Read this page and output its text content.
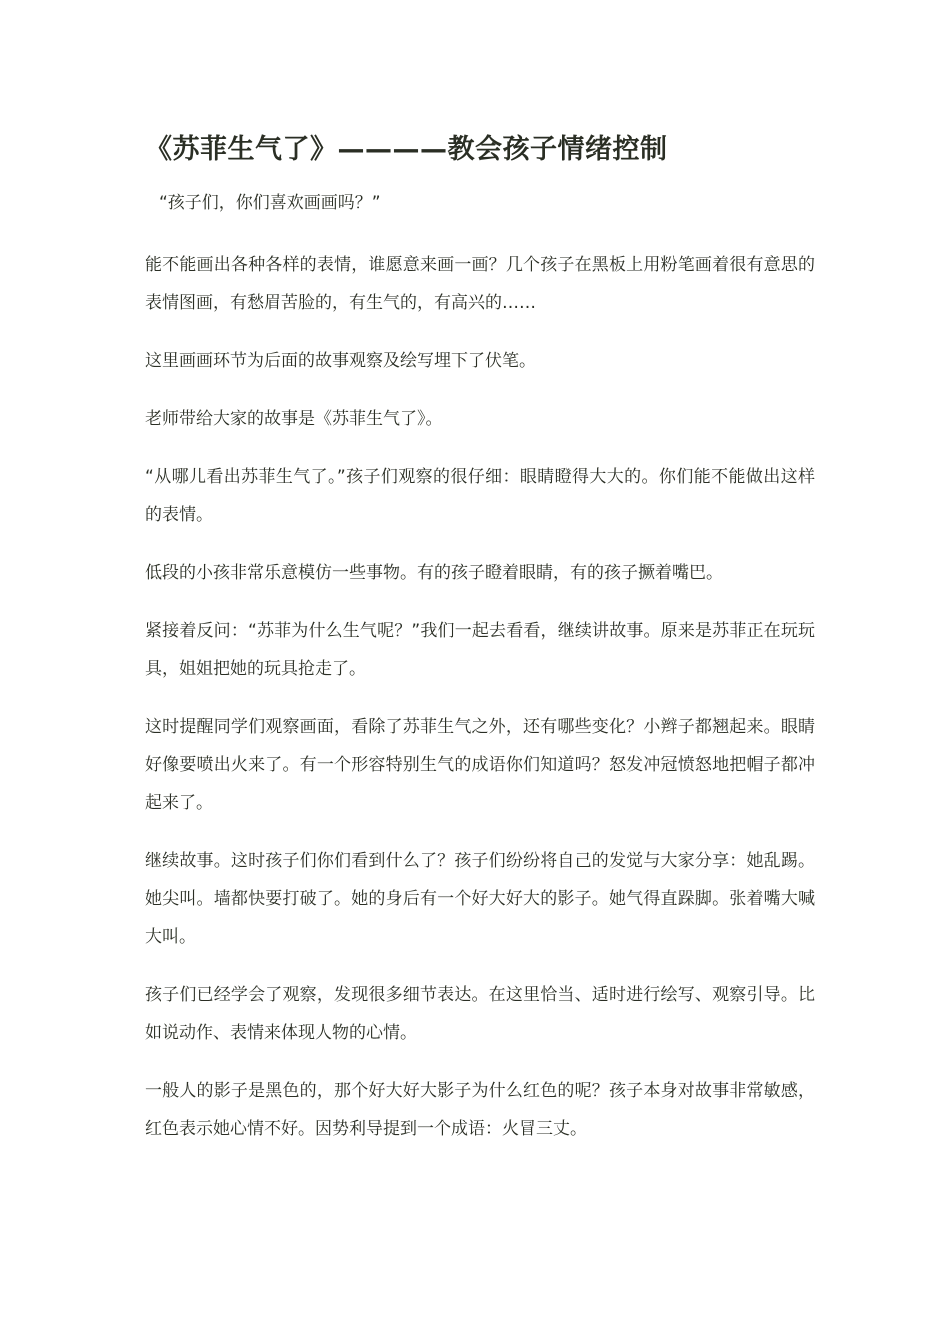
《苏菲生气了》————教会孩子情绪控制

“孩子们，你们喜欢画画吗？”

能不能画出各种各样的表情，谁愿意来画一画？几个孩子在黑板上用粉笔画着很有意思的表情图画，有愁眉苦脸的，有生气的，有高兴的……

这里画画环节为后面的故事观察及绘写埋下了伏笔。

老师带给大家的故事是《苏菲生气了》。

“从哪儿看出苏菲生气了。”孩子们观察的很仔细：眼睛瞪得大大的。你们能不能做出这样的表情。

低段的小孩非常乐意模仿一些事物。有的孩子瞪着眼睛，有的孩子撅着嘴巴。

紧接着反问：“苏菲为什么生气呢？”我们一起去看看，继续讲故事。原来是苏菲正在玩玩具，姐姐把她的玩具抢走了。

这时提醒同学们观察画面，看除了苏菲生气之外，还有哪些变化？小辫子都翘起来。眼睛好像要喷出火来了。有一个形容特别生气的成语你们知道吗？怒发冲冠愤怒地把帽子都冲起来了。

继续故事。这时孩子们你们看到什么了？孩子们纷纷将自己的发觉与大家分享：她乱踢。她尖叫。墙都快要打破了。她的身后有一个好大好大的影子。她气得直跺脚。张着嘴大喊大叫。

孩子们已经学会了观察，发现很多细节表达。在这里恰当、适时进行绘写、观察引导。比如说动作、表情来体现人物的心情。

一般人的影子是黑色的，那个好大好大影子为什么红色的呢？孩子本身对故事非常敏感，红色表示她心情不好。因势利导提到一个成语：火冒三丈。
